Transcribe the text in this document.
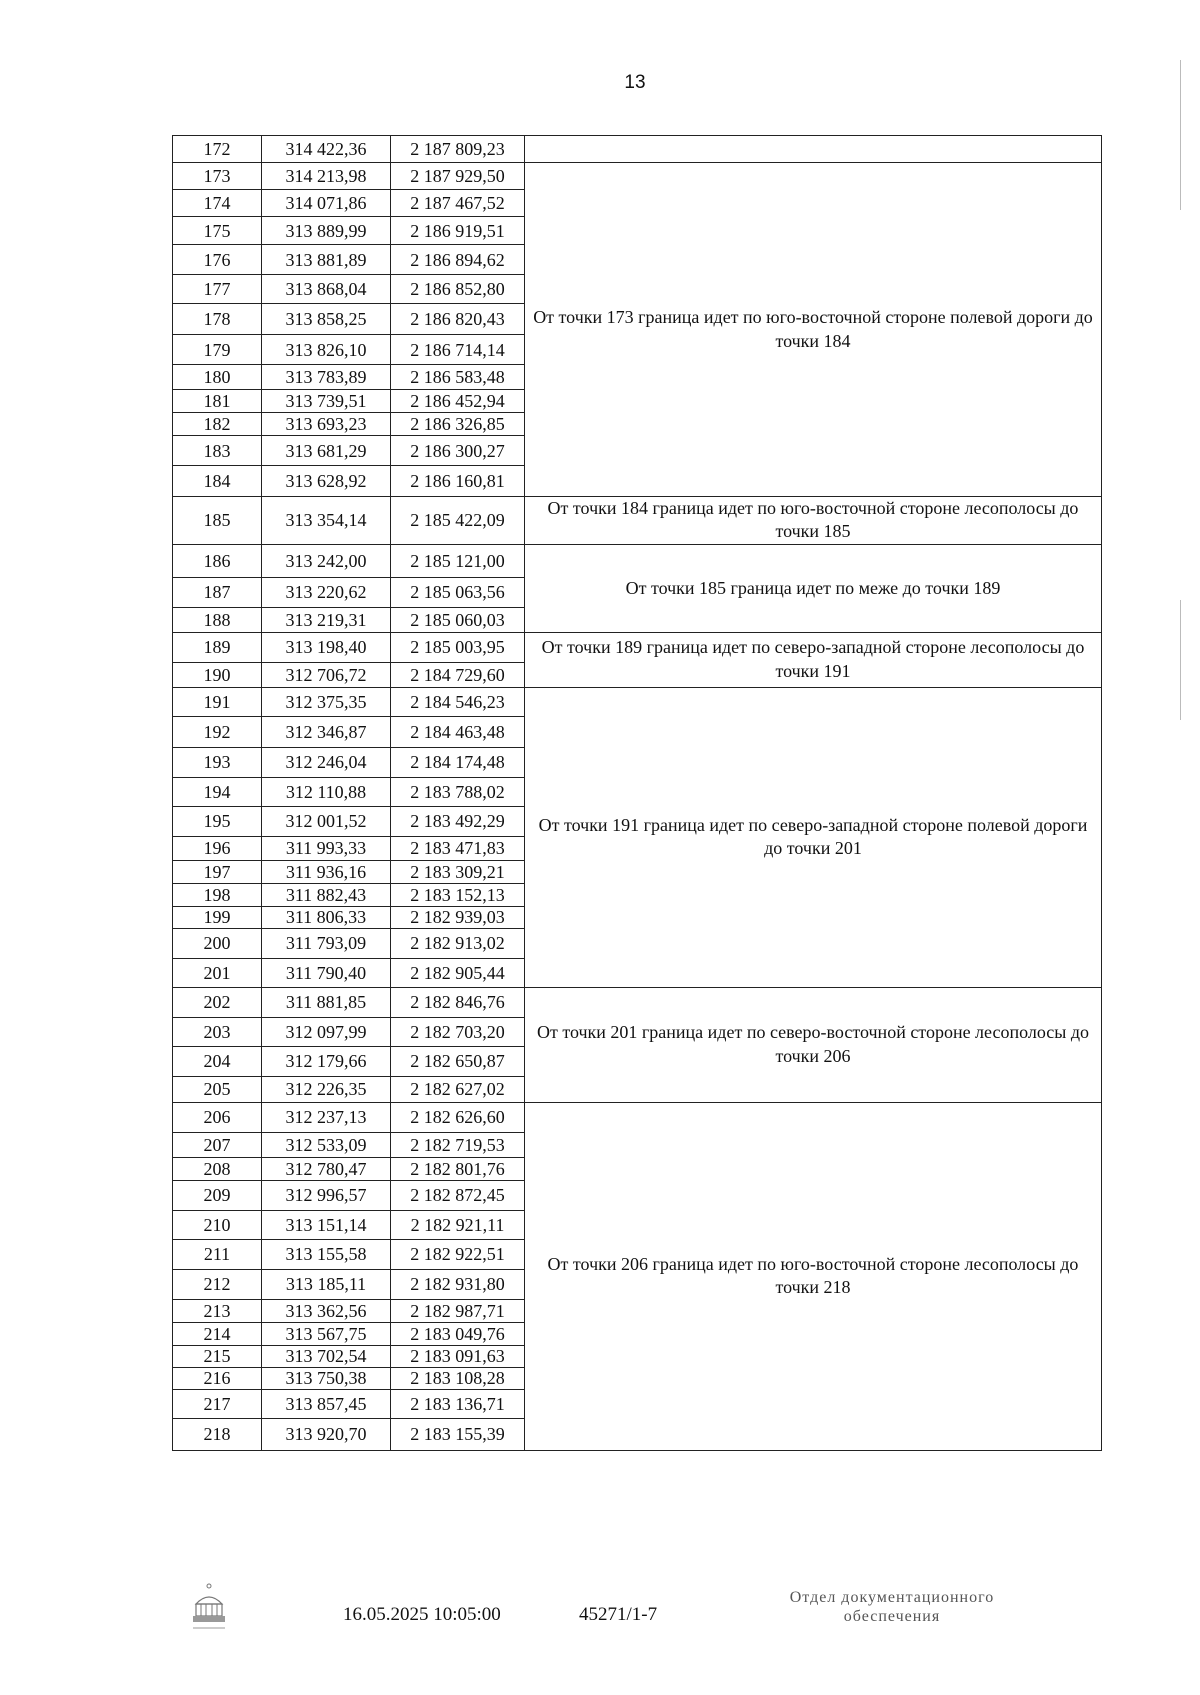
13
172	314 422,36	2 187 809,23	
173	314 213,98	2 187 929,50	От точки 173 граница идет по юго-восточной стороне полевой дороги до точки 184
174	314 071,86	2 187 467,52	
175	313 889,99	2 186 919,51	
176	313 881,89	2 186 894,62	
177	313 868,04	2 186 852,80	
178	313 858,25	2 186 820,43	
179	313 826,10	2 186 714,14	
180	313 783,89	2 186 583,48	
181	313 739,51	2 186 452,94	
182	313 693,23	2 186 326,85	
183	313 681,29	2 186 300,27	
184	313 628,92	2 186 160,81	
185	313 354,14	2 185 422,09	От точки 184 граница идет по юго-восточной стороне лесополосы до точки 185
186	313 242,00	2 185 121,00	От точки 185 граница идет по меже до точки 189
187	313 220,62	2 185 063,56	
188	313 219,31	2 185 060,03	
189	313 198,40	2 185 003,95	От точки 189 граница идет по северо-западной стороне лесополосы до точки 191
190	312 706,72	2 184 729,60	
191	312 375,35	2 184 546,23	От точки 191 граница идет по северо-западной стороне полевой дороги до точки 201
192	312 346,87	2 184 463,48	
193	312 246,04	2 184 174,48	
194	312 110,88	2 183 788,02	
195	312 001,52	2 183 492,29	
196	311 993,33	2 183 471,83	
197	311 936,16	2 183 309,21	
198	311 882,43	2 183 152,13	
199	311 806,33	2 182 939,03	
200	311 793,09	2 182 913,02	
201	311 790,40	2 182 905,44	
202	311 881,85	2 182 846,76	От точки 201 граница идет по северо-восточной стороне лесополосы до точки 206
203	312 097,99	2 182 703,20	
204	312 179,66	2 182 650,87	
205	312 226,35	2 182 627,02	
206	312 237,13	2 182 626,60	От точки 206 граница идет по юго-восточной стороне лесополосы до точки 218
207	312 533,09	2 182 719,53	
208	312 780,47	2 182 801,76	
209	312 996,57	2 182 872,45	
210	313 151,14	2 182 921,11	
211	313 155,58	2 182 922,51	
212	313 185,11	2 182 931,80	
213	313 362,56	2 182 987,71	
214	313 567,75	2 183 049,76	
215	313 702,54	2 183 091,63	
216	313 750,38	2 183 108,28	
217	313 857,45	2 183 136,71	
218	313 920,70	2 183 155,39	
16.05.2025 10:05:00	45271/1-7
Отдел документационного
обеспечения
